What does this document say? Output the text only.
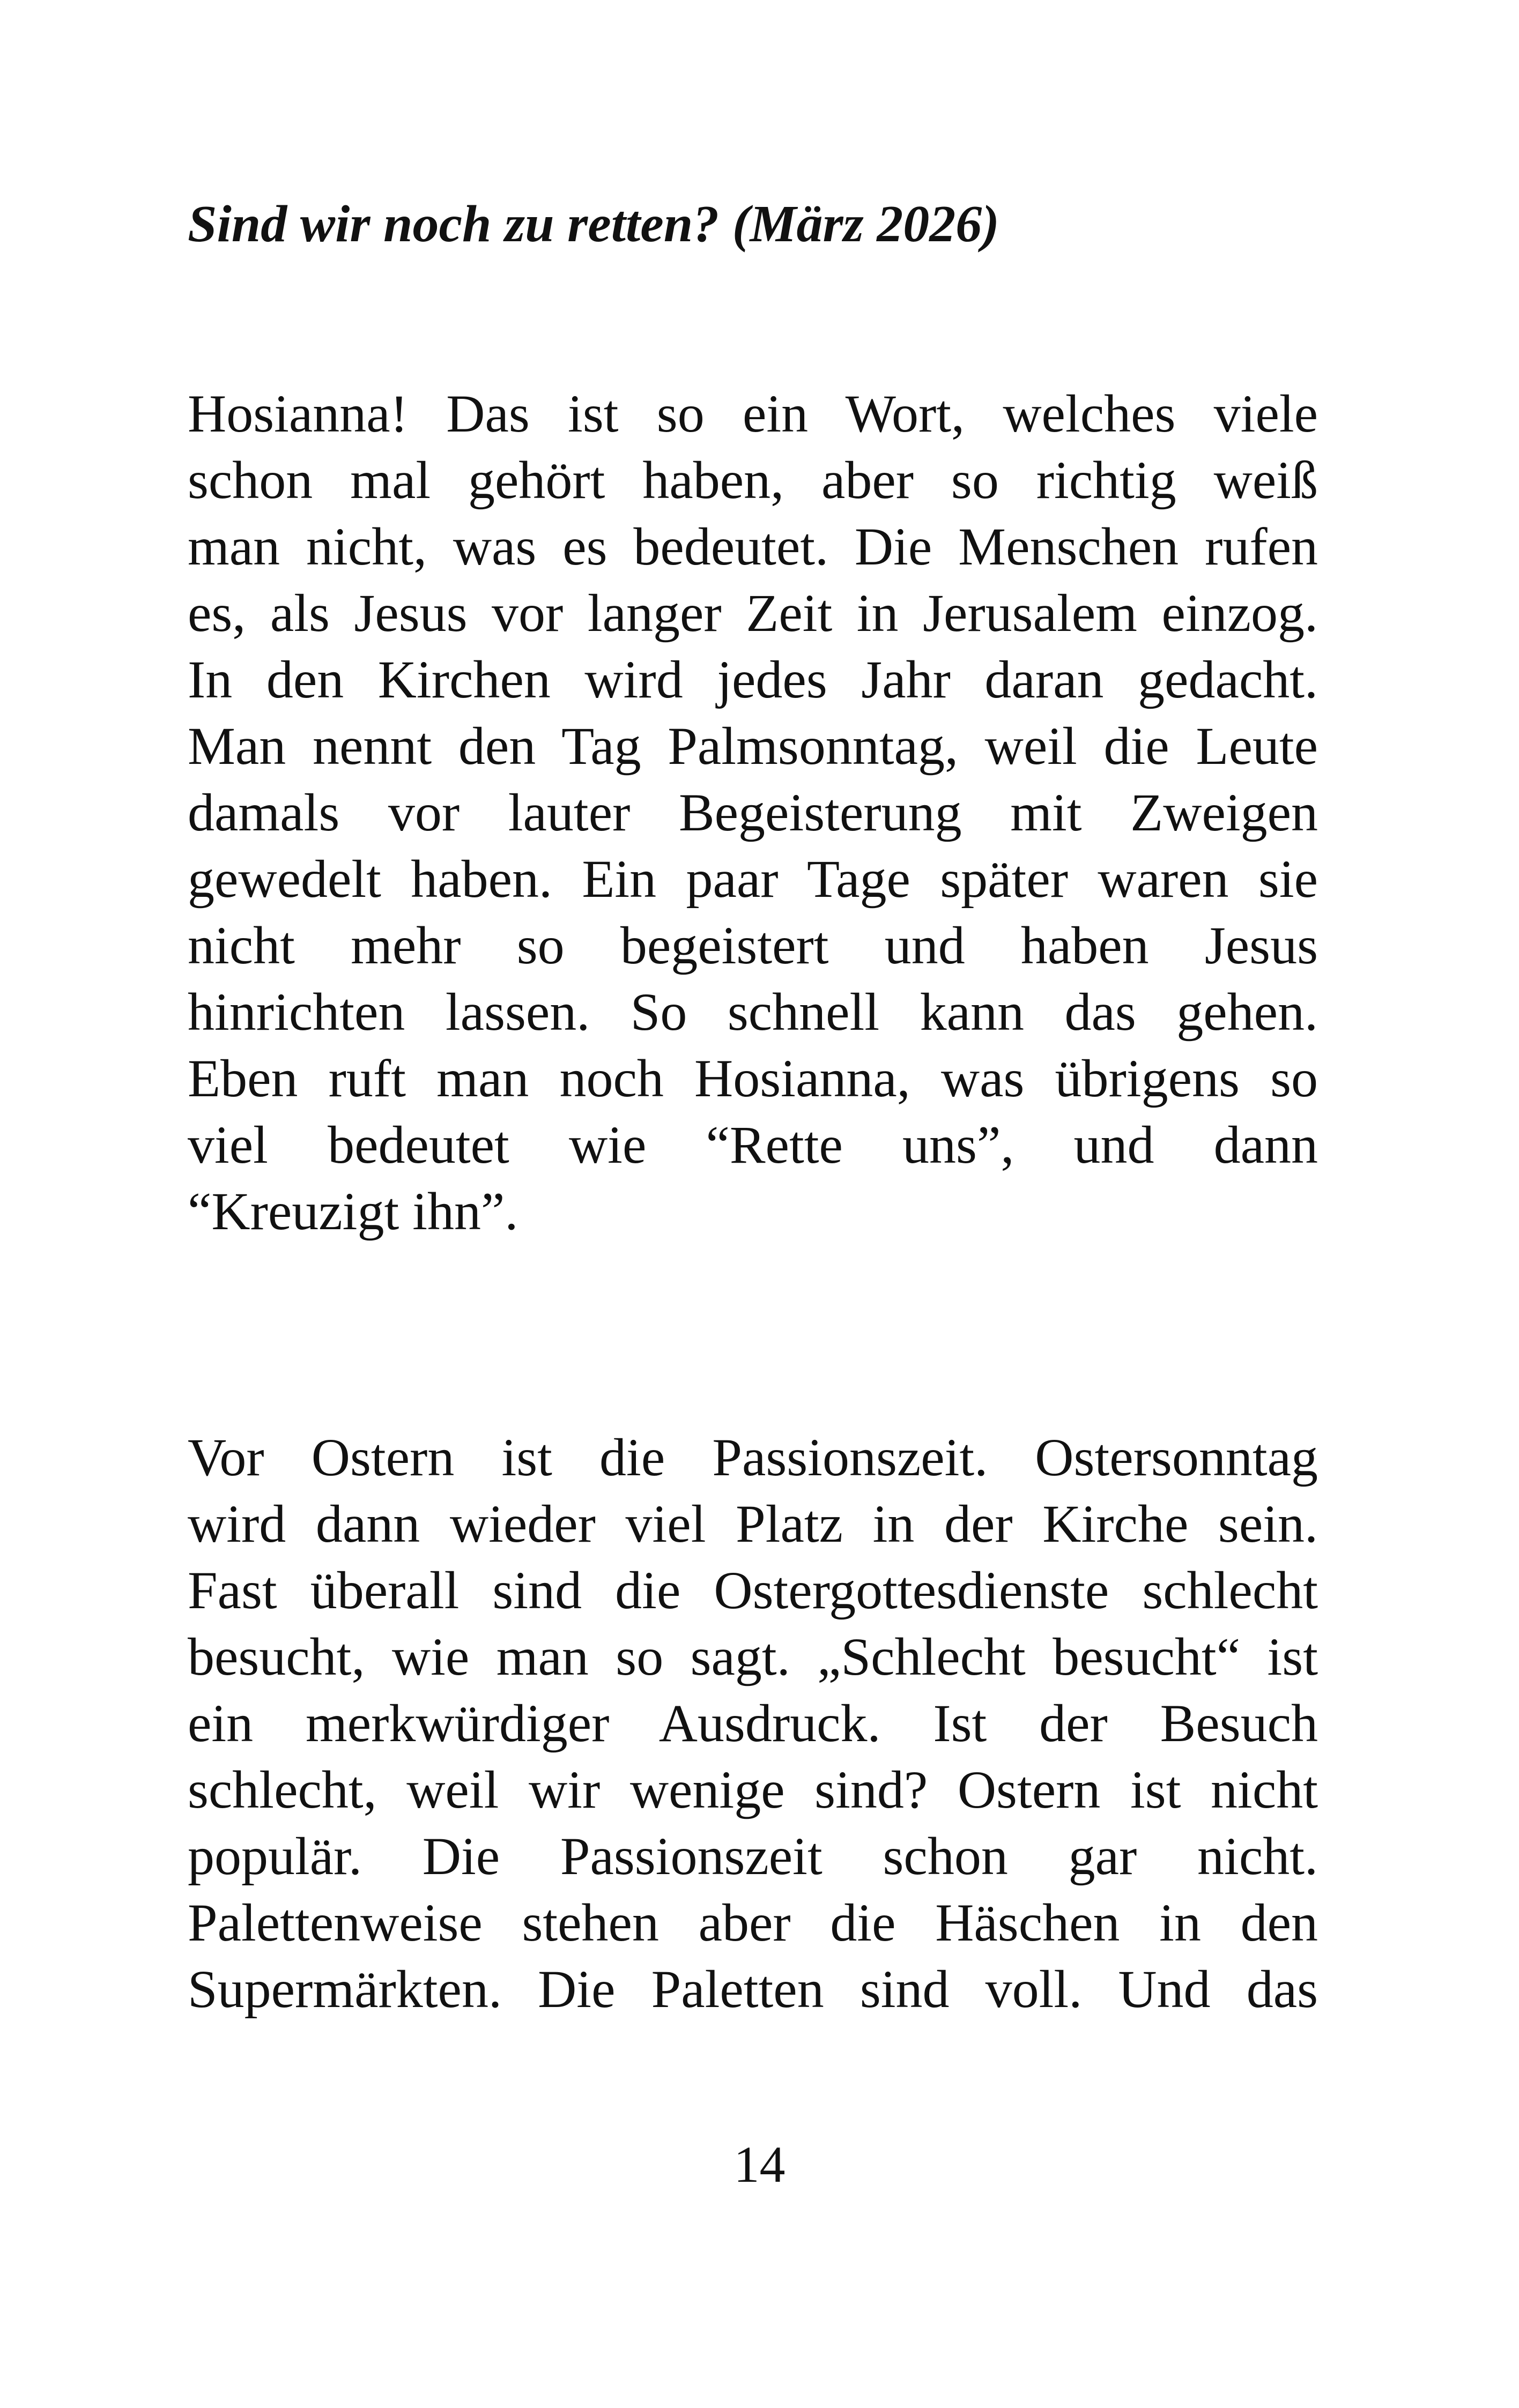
Sind wir noch zu retten? (März 2026)
Hosianna! Das ist so ein Wort, welches viele
schon mal gehört haben, aber so richtig weiß
man nicht, was es bedeutet. Die Menschen rufen
es, als Jesus vor langer Zeit in Jerusalem einzog.
In den Kirchen wird jedes Jahr daran gedacht.
Man nennt den Tag Palmsonntag, weil die Leute
damals vor lauter Begeisterung mit Zweigen
gewedelt haben. Ein paar Tage später waren sie
nicht mehr so begeistert und haben Jesus
hinrichten lassen. So schnell kann das gehen.
Eben ruft man noch Hosianna, was übrigens so
viel bedeutet wie “Rette uns”, und dann
“Kreuzigt ihn”.
Vor Ostern ist die Passionszeit. Ostersonntag
wird dann wieder viel Platz in der Kirche sein.
Fast überall sind die Ostergottesdienste schlecht
besucht, wie man so sagt. „Schlecht besucht“ ist
ein merkwürdiger Ausdruck. Ist der Besuch
schlecht, weil wir wenige sind? Ostern ist nicht
populär. Die Passionszeit schon gar nicht.
Palettenweise stehen aber die Häschen in den
Supermärkten. Die Paletten sind voll. Und das
14
